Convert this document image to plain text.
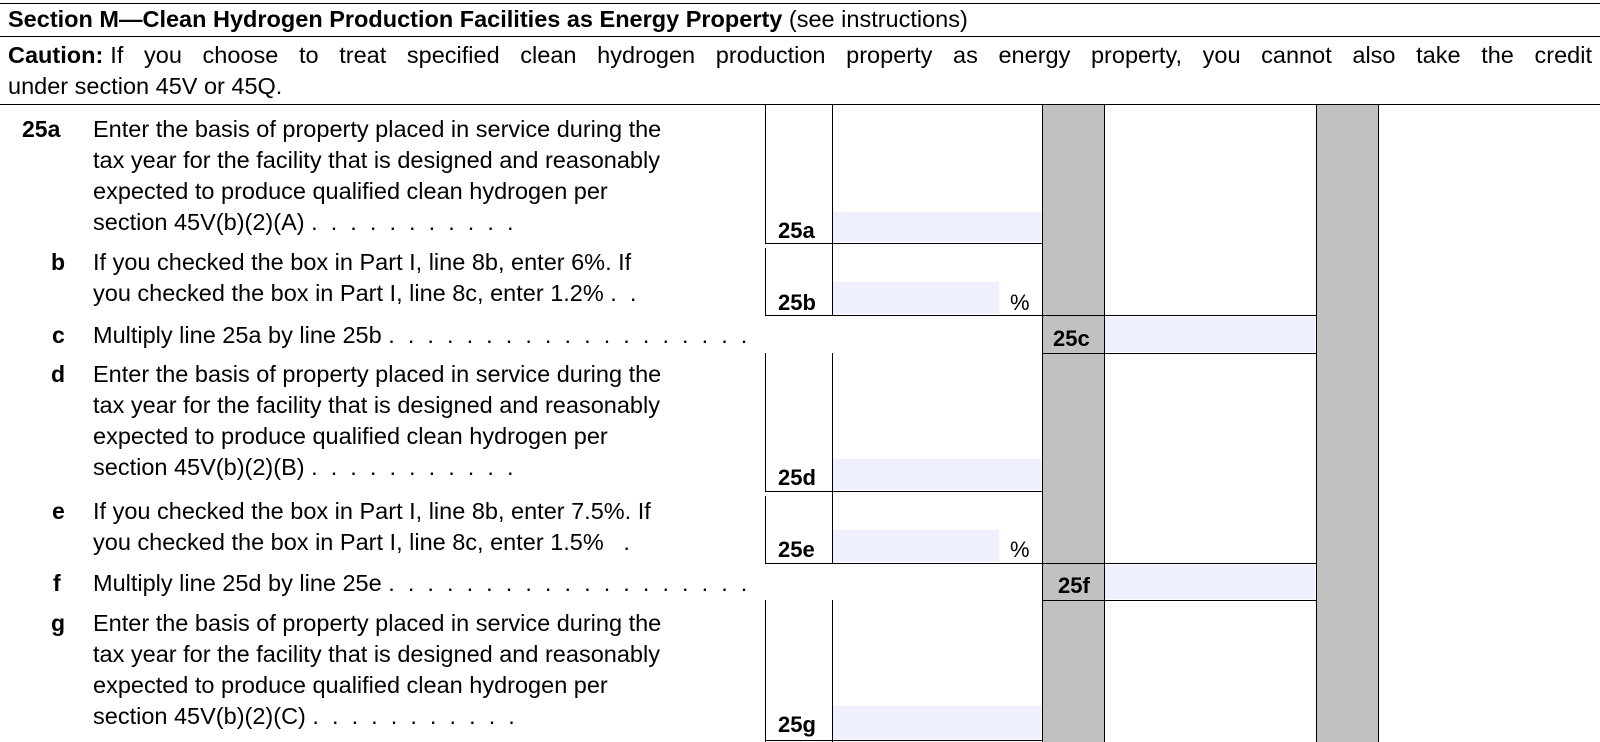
Section M—Clean Hydrogen Production Facilities as Energy Property (see instructions)
Caution: If you choose to treat specified clean hydrogen production property as energy property, you cannot also take the credit
under section 45V or 45Q.
25a Enter the basis of property placed in service during the
tax year for the facility that is designed and reasonably
expected to produce qualified clean hydrogen per
section 45V(b)(2)(A) .  .  .  .  .  .  .  .  .  .  .	25a
b If you checked the box in Part I, line 8b, enter 6%. If
you checked the box in Part I, line 8c, enter 1.2% .  .	25b	%
c Multiply line 25a by line 25b .  .  .  .  .  .  .  .  .  .  .  .  .  .  .  .  .  .  .	25c
d Enter the basis of property placed in service during the
tax year for the facility that is designed and reasonably
expected to produce qualified clean hydrogen per
section 45V(b)(2)(B) .  .  .  .  .  .  .  .  .  .  .	25d
e If you checked the box in Part I, line 8b, enter 7.5%. If
you checked the box in Part I, line 8c, enter 1.5%   .	25e	%
f Multiply line 25d by line 25e .  .  .  .  .  .  .  .  .  .  .  .  .  .  .  .  .  .  .	25f
g Enter the basis of property placed in service during the
tax year for the facility that is designed and reasonably
expected to produce qualified clean hydrogen per
section 45V(b)(2)(C) .  .  .  .  .  .  .  .  .  .  .	25g
